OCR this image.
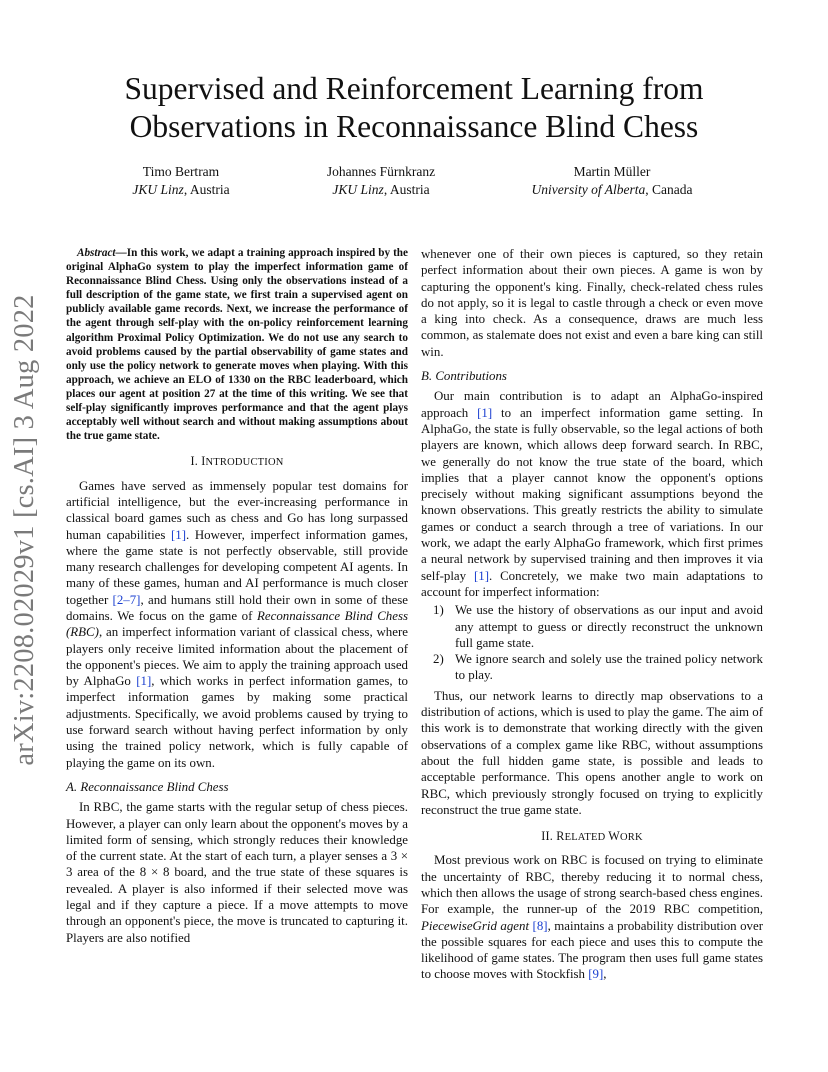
arXiv:2208.02029v1 [cs.AI] 3 Aug 2022
Supervised and Reinforcement Learning from
Observations in Reconnaissance Blind Chess
Timo Bertram
JKU Linz, Austria
Johannes Fürnkranz
JKU Linz, Austria
Martin Müller
University of Alberta, Canada

Abstract—In this work, we adapt a training approach inspired by the original AlphaGo system to play the imperfect information game of Reconnaissance Blind Chess. Using only the observations instead of a full description of the game state, we first train a supervised agent on publicly available game records. Next, we increase the performance of the agent through self-play with the on-policy reinforcement learning algorithm Proximal Policy Optimization. We do not use any search to avoid problems caused by the partial observability of game states and only use the policy network to generate moves when playing. With this approach, we achieve an ELO of 1330 on the RBC leaderboard, which places our agent at position 27 at the time of this writing. We see that self-play significantly improves performance and that the agent plays acceptably well without search and without making assumptions about the true game state.

I. INTRODUCTION

Games have served as immensely popular test domains for artificial intelligence, but the ever-increasing performance in classical board games such as chess and Go has long surpassed human capabilities [1]. However, imperfect information games, where the game state is not perfectly observable, still provide many research challenges for developing competent AI agents. In many of these games, human and AI performance is much closer together [2–7], and humans still hold their own in some of these domains. We focus on the game of Reconnaissance Blind Chess (RBC), an imperfect information variant of classical chess, where players only receive limited information about the placement of the opponent's pieces. We aim to apply the training approach used by AlphaGo [1], which works in perfect information games, to imperfect information games by making some practical adjustments. Specifically, we avoid problems caused by trying to use forward search without having perfect information by only using the trained policy network, which is fully capable of playing the game on its own.

A. Reconnaissance Blind Chess

In RBC, the game starts with the regular setup of chess pieces. However, a player can only learn about the opponent's moves by a limited form of sensing, which strongly reduces their knowledge of the current state. At the start of each turn, a player senses a 3 × 3 area of the 8 × 8 board, and the true state of these squares is revealed. A player is also informed if their selected move was legal and if they capture a piece. If a move attempts to move through an opponent's piece, the move is truncated to capturing it. Players are also notified

whenever one of their own pieces is captured, so they retain perfect information about their own pieces. A game is won by capturing the opponent's king. Finally, check-related chess rules do not apply, so it is legal to castle through a check or even move a king into check. As a consequence, draws are much less common, as stalemate does not exist and even a bare king can still win.

B. Contributions

Our main contribution is to adapt an AlphaGo-inspired approach [1] to an imperfect information game setting. In AlphaGo, the state is fully observable, so the legal actions of both players are known, which allows deep forward search. In RBC, we generally do not know the true state of the board, which implies that a player cannot know the opponent's options precisely without making significant assumptions beyond the known observations. This greatly restricts the ability to simulate games or conduct a search through a tree of variations. In our work, we adapt the early AlphaGo framework, which first primes a neural network by supervised training and then improves it via self-play [1]. Concretely, we make two main adaptations to account for imperfect information:

1) We use the history of observations as our input and avoid any attempt to guess or directly reconstruct the unknown full game state.
2) We ignore search and solely use the trained policy network to play.

Thus, our network learns to directly map observations to a distribution of actions, which is used to play the game. The aim of this work is to demonstrate that working directly with the given observations of a complex game like RBC, without assumptions about the full hidden game state, is possible and leads to acceptable performance. This opens another angle to work on RBC, which previously strongly focused on trying to explicitly reconstruct the true game state.

II. RELATED WORK

Most previous work on RBC is focused on trying to eliminate the uncertainty of RBC, thereby reducing it to normal chess, which then allows the usage of strong search-based chess engines. For example, the runner-up of the 2019 RBC competition, PiecewiseGrid agent [8], maintains a probability distribution over the possible squares for each piece and uses this to compute the likelihood of game states. The program then uses full game states to choose moves with Stockfish [9],
